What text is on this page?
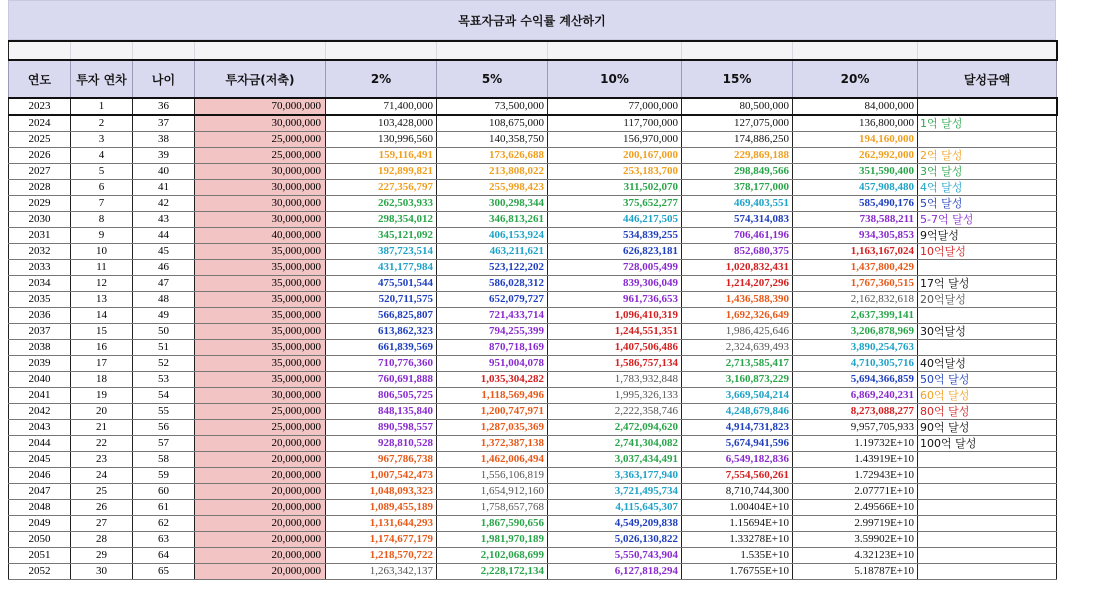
목표자금과 수익률 계산하기

연도	투자 연차	나이	투자금(저축)	2%	5%	10%	15%	20%	달성금액
2023	1	36	70,000,000	71,400,000	73,500,000	77,000,000	80,500,000	84,000,000	
2024	2	37	30,000,000	103,428,000	108,675,000	117,700,000	127,075,000	136,800,000	1억 달성
2025	3	38	25,000,000	130,996,560	140,358,750	156,970,000	174,886,250	194,160,000	
2026	4	39	25,000,000	159,116,491	173,626,688	200,167,000	229,869,188	262,992,000	2억 달성
2027	5	40	30,000,000	192,899,821	213,808,022	253,183,700	298,849,566	351,590,400	3억 달성
2028	6	41	30,000,000	227,356,797	255,998,423	311,502,070	378,177,000	457,908,480	4억 달성
2029	7	42	30,000,000	262,503,933	300,298,344	375,652,277	469,403,551	585,490,176	5억 달성
2030	8	43	30,000,000	298,354,012	346,813,261	446,217,505	574,314,083	738,588,211	5-7억 달성
2031	9	44	40,000,000	345,121,092	406,153,924	534,839,255	706,461,196	934,305,853	9억달성
2032	10	45	35,000,000	387,723,514	463,211,621	626,823,181	852,680,375	1,163,167,024	10억달성
2033	11	46	35,000,000	431,177,984	523,122,202	728,005,499	1,020,832,431	1,437,800,429	
2034	12	47	35,000,000	475,501,544	586,028,312	839,306,049	1,214,207,296	1,767,360,515	17억 달성
2035	13	48	35,000,000	520,711,575	652,079,727	961,736,653	1,436,588,390	2,162,832,618	20억달성
2036	14	49	35,000,000	566,825,807	721,433,714	1,096,410,319	1,692,326,649	2,637,399,141	
2037	15	50	35,000,000	613,862,323	794,255,399	1,244,551,351	1,986,425,646	3,206,878,969	30억달성
2038	16	51	35,000,000	661,839,569	870,718,169	1,407,506,486	2,324,639,493	3,890,254,763	
2039	17	52	35,000,000	710,776,360	951,004,078	1,586,757,134	2,713,585,417	4,710,305,716	40억달성
2040	18	53	35,000,000	760,691,888	1,035,304,282	1,783,932,848	3,160,873,229	5,694,366,859	50억 달성
2041	19	54	30,000,000	806,505,725	1,118,569,496	1,995,326,133	3,669,504,214	6,869,240,231	60억 달성
2042	20	55	25,000,000	848,135,840	1,200,747,971	2,222,358,746	4,248,679,846	8,273,088,277	80억 달성
2043	21	56	25,000,000	890,598,557	1,287,035,369	2,472,094,620	4,914,731,823	9,957,705,933	90억 달성
2044	22	57	20,000,000	928,810,528	1,372,387,138	2,741,304,082	5,674,941,596	1.19732E+10	100억 달성
2045	23	58	20,000,000	967,786,738	1,462,006,494	3,037,434,491	6,549,182,836	1.43919E+10	
2046	24	59	20,000,000	1,007,542,473	1,556,106,819	3,363,177,940	7,554,560,261	1.72943E+10	
2047	25	60	20,000,000	1,048,093,323	1,654,912,160	3,721,495,734	8,710,744,300	2.07771E+10	
2048	26	61	20,000,000	1,089,455,189	1,758,657,768	4,115,645,307	1.00404E+10	2.49566E+10	
2049	27	62	20,000,000	1,131,644,293	1,867,590,656	4,549,209,838	1.15694E+10	2.99719E+10	
2050	28	63	20,000,000	1,174,677,179	1,981,970,189	5,026,130,822	1.33278E+10	3.59902E+10	
2051	29	64	20,000,000	1,218,570,722	2,102,068,699	5,550,743,904	1.535E+10	4.32123E+10	
2052	30	65	20,000,000	1,263,342,137	2,228,172,134	6,127,818,294	1.76755E+10	5.18787E+10	
